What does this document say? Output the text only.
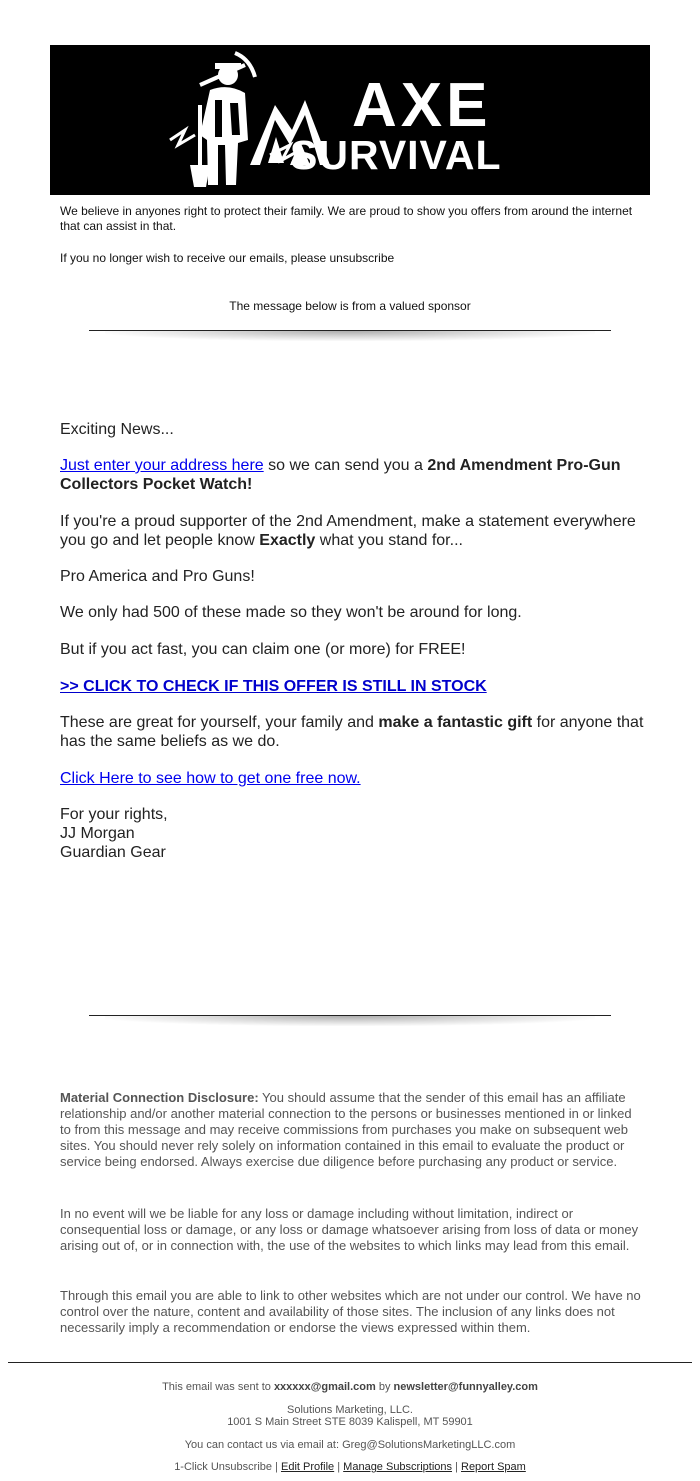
AXE
SURVIVAL

We believe in anyones right to protect their family. We are proud to show you offers from around the internet that can assist in that.

If you no longer wish to receive our emails, please unsubscribe
The message below is from a valued sponsor
Exciting News...
Just enter your address here so we can send you a 2nd Amendment Pro-Gun Collectors Pocket Watch!
If you're a proud supporter of the 2nd Amendment, make a statement everywhere you go and let people know Exactly what you stand for...
Pro America and Pro Guns!
We only had 500 of these made so they won't be around for long.
But if you act fast, you can claim one (or more) for FREE!
>> CLICK TO CHECK IF THIS OFFER IS STILL IN STOCK
These are great for yourself, your family and make a fantastic gift for anyone that has the same beliefs as we do.
Click Here to see how to get one free now.
For your rights,
JJ Morgan
Guardian Gear
Material Connection Disclosure: You should assume that the sender of this email has an affiliate relationship and/or another material connection to the persons or businesses mentioned in or linked to from this message and may receive commissions from purchases you make on subsequent web sites. You should never rely solely on information contained in this email to evaluate the product or service being endorsed. Always exercise due diligence before purchasing any product or service.
In no event will we be liable for any loss or damage including without limitation, indirect or consequential loss or damage, or any loss or damage whatsoever arising from loss of data or money arising out of, or in connection with, the use of the websites to which links may lead from this email.
Through this email you are able to link to other websites which are not under our control. We have no control over the nature, content and availability of those sites. The inclusion of any links does not necessarily imply a recommendation or endorse the views expressed within them.
This email was sent to xxxxxx@gmail.com by newsletter@funnyalley.com
Solutions Marketing, LLC.
1001 S Main Street STE 8039 Kalispell, MT 59901
You can contact us via email at: Greg@SolutionsMarketingLLC.com
1-Click Unsubscribe | Edit Profile | Manage Subscriptions | Report Spam
